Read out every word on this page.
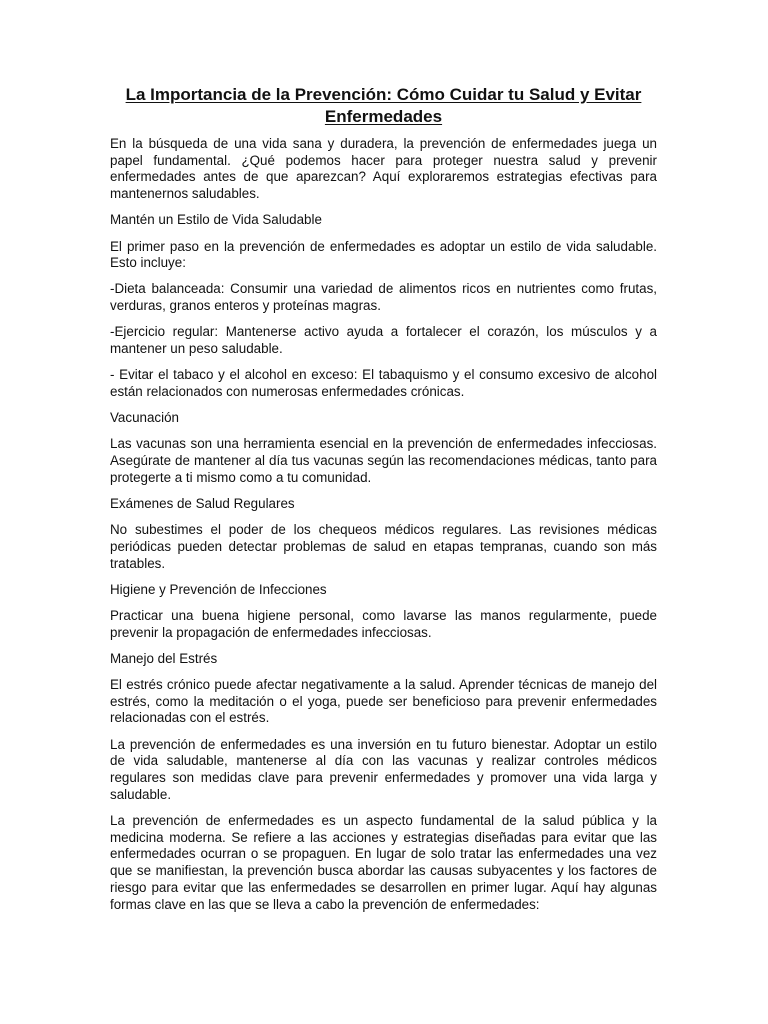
La Importancia de la Prevención: Cómo Cuidar tu Salud y Evitar Enfermedades
En la búsqueda de una vida sana y duradera, la prevención de enfermedades juega un papel fundamental. ¿Qué podemos hacer para proteger nuestra salud y prevenir enfermedades antes de que aparezcan? Aquí exploraremos estrategias efectivas para mantenernos saludables.
Mantén un Estilo de Vida Saludable
El primer paso en la prevención de enfermedades es adoptar un estilo de vida saludable. Esto incluye:
-Dieta balanceada: Consumir una variedad de alimentos ricos en nutrientes como frutas, verduras, granos enteros y proteínas magras.
-Ejercicio regular: Mantenerse activo ayuda a fortalecer el corazón, los músculos y a mantener un peso saludable.
- Evitar el tabaco y el alcohol en exceso: El tabaquismo y el consumo excesivo de alcohol están relacionados con numerosas enfermedades crónicas.
Vacunación
Las vacunas son una herramienta esencial en la prevención de enfermedades infecciosas. Asegúrate de mantener al día tus vacunas según las recomendaciones médicas, tanto para protegerte a ti mismo como a tu comunidad.
Exámenes de Salud Regulares
No subestimes el poder de los chequeos médicos regulares. Las revisiones médicas periódicas pueden detectar problemas de salud en etapas tempranas, cuando son más tratables.
Higiene y Prevención de Infecciones
Practicar una buena higiene personal, como lavarse las manos regularmente, puede prevenir la propagación de enfermedades infecciosas.
Manejo del Estrés
El estrés crónico puede afectar negativamente a la salud. Aprender técnicas de manejo del estrés, como la meditación o el yoga, puede ser beneficioso para prevenir enfermedades relacionadas con el estrés.
La prevención de enfermedades es una inversión en tu futuro bienestar. Adoptar un estilo de vida saludable, mantenerse al día con las vacunas y realizar controles médicos regulares son medidas clave para prevenir enfermedades y promover una vida larga y saludable.
La prevención de enfermedades es un aspecto fundamental de la salud pública y la medicina moderna. Se refiere a las acciones y estrategias diseñadas para evitar que las enfermedades ocurran o se propaguen. En lugar de solo tratar las enfermedades una vez que se manifiestan, la prevención busca abordar las causas subyacentes y los factores de riesgo para evitar que las enfermedades se desarrollen en primer lugar. Aquí hay algunas formas clave en las que se lleva a cabo la prevención de enfermedades:
